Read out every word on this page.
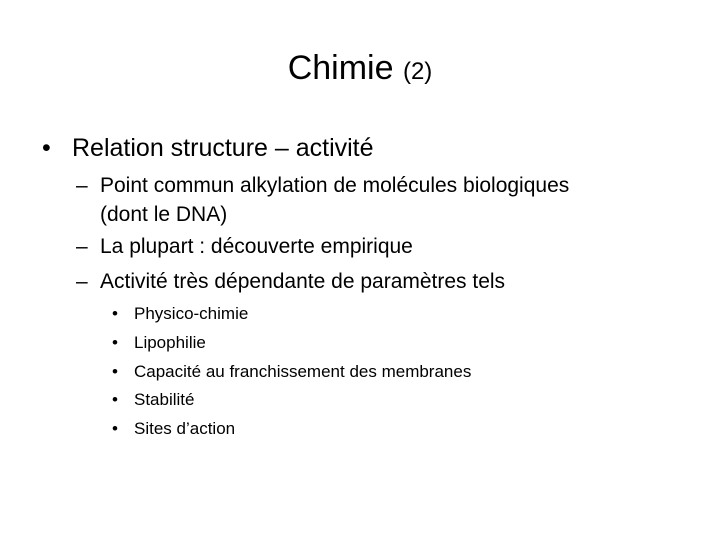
Chimie (2)
• Relation structure – activité
– Point commun alkylation de molécules biologiques
(dont le DNA)
– La plupart : découverte empirique
– Activité très dépendante de paramètres tels
• Physico-chimie
• Lipophilie
• Capacité au franchissement des membranes
• Stabilité
• Sites d’action
